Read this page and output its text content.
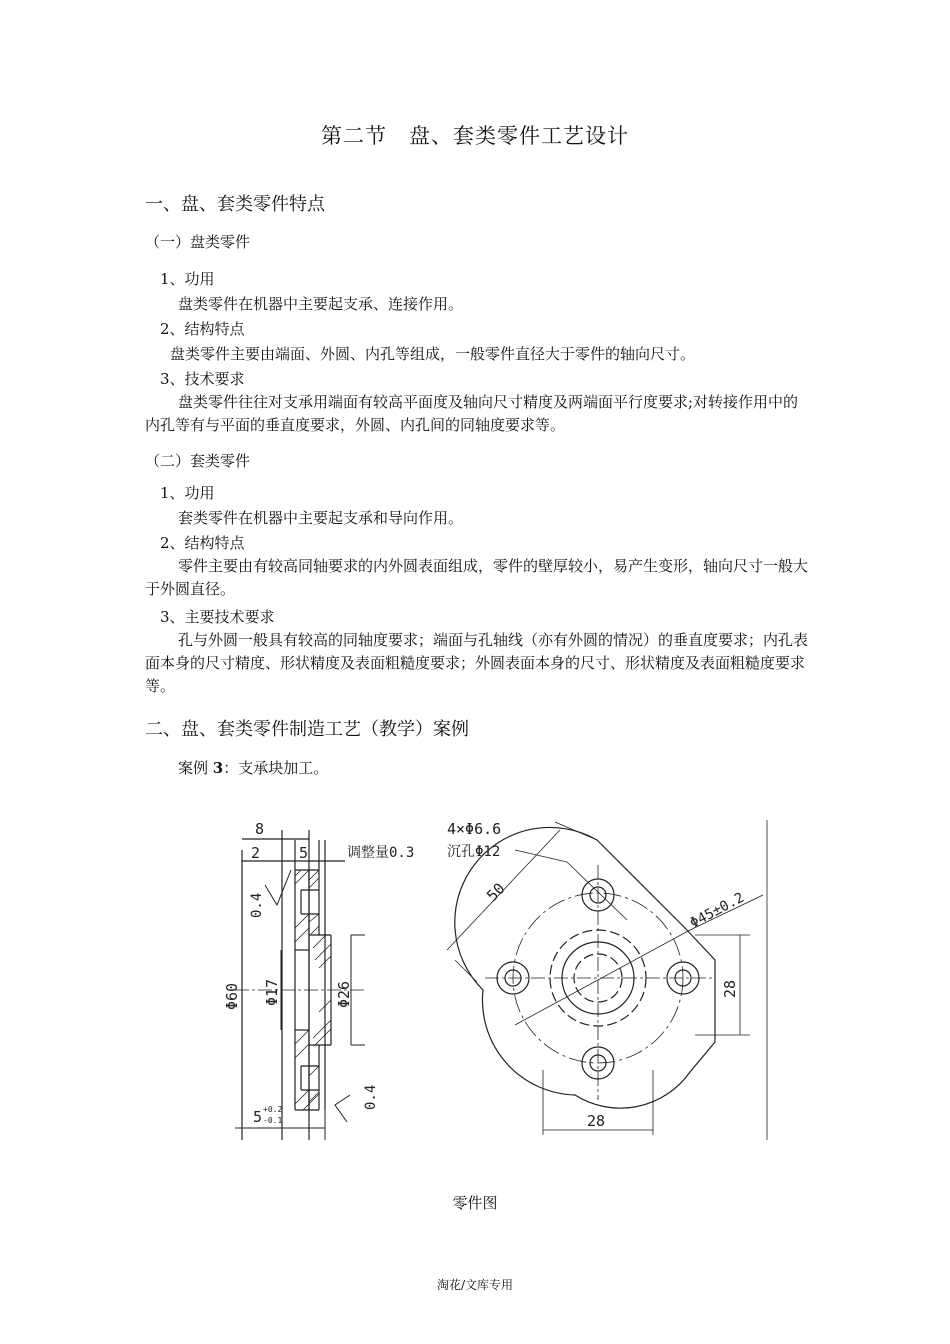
第二节　盘、套类零件工艺设计
一、盘、套类零件特点
（一）盘类零件
1、功用
盘类零件在机器中主要起支承、连接作用。
2、结构特点
盘类零件主要由端面、外圆、内孔等组成，一般零件直径大于零件的轴向尺寸。
3、技术要求
盘类零件往往对支承用端面有较高平面度及轴向尺寸精度及两端面平行度要求;对转接作用中的内孔等有与平面的垂直度要求，外圆、内孔间的同轴度要求等。
（二）套类零件
1、功用
套类零件在机器中主要起支承和导向作用。
2、结构特点
零件主要由有较高同轴要求的内外圆表面组成，零件的壁厚较小，易产生变形，轴向尺寸一般大于外圆直径。
3、主要技术要求
孔与外圆一般具有较高的同轴度要求；端面与孔轴线（亦有外圆的情况）的垂直度要求；内孔表面本身的尺寸精度、形状精度及表面粗糙度要求；外圆表面本身的尺寸、形状精度及表面粗糙度要求等。
二、盘、套类零件制造工艺（教学）案例
案例 3：支承块加工。
8
2	5	调整量0.3
0.4
0.4
Φ60 Φ17	Φ26
5 +0.2
-0.1
4×Φ6.6
沉孔Φ12
50	Φ45±0.2
28
28
零件图
淘花/文库专用
